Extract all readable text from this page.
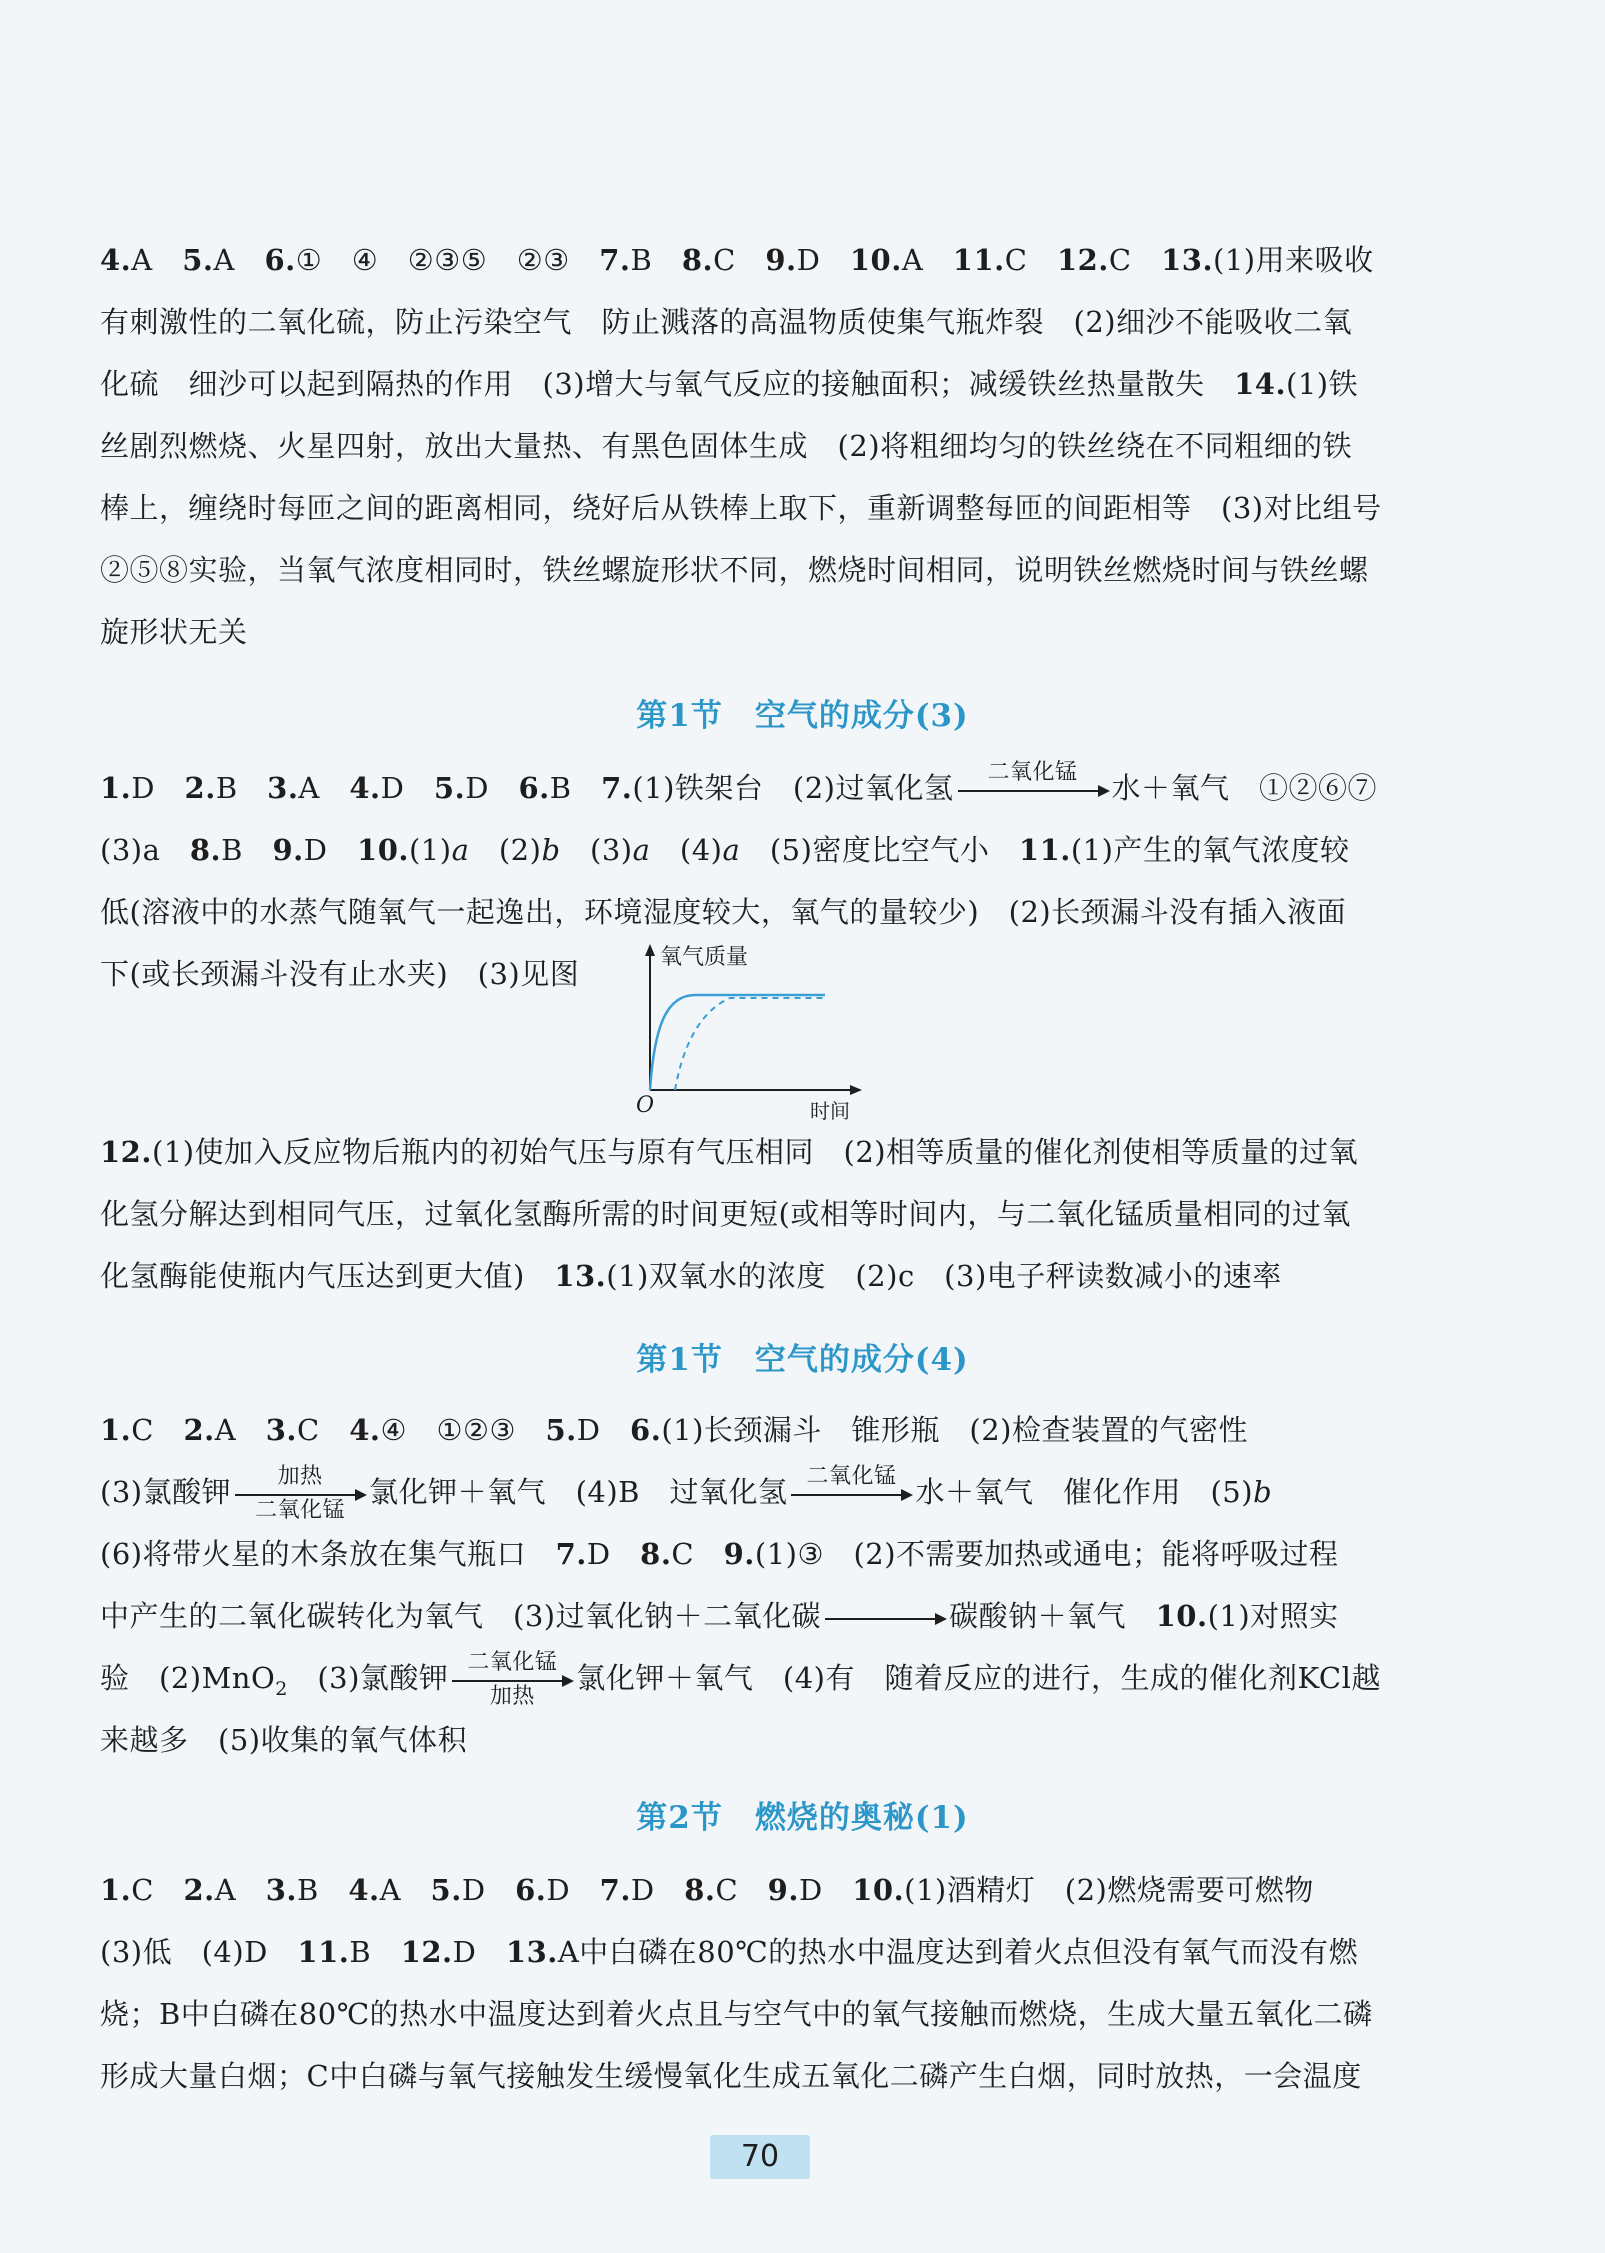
4.A　5.A　6.①　④　②③⑤　②③　7.B　8.C　9.D　10.A　11.C　12.C　13.(1)用来吸收
有刺激性的二氧化硫，防止污染空气　防止溅落的高温物质使集气瓶炸裂　(2)细沙不能吸收二氧
化硫　细沙可以起到隔热的作用　(3)增大与氧气反应的接触面积；减缓铁丝热量散失　14.(1)铁
丝剧烈燃烧、火星四射，放出大量热、有黑色固体生成　(2)将粗细均匀的铁丝绕在不同粗细的铁
棒上，缠绕时每匝之间的距离相同，绕好后从铁棒上取下，重新调整每匝的间距相等　(3)对比组号
②⑤⑧实验，当氧气浓度相同时，铁丝螺旋形状不同，燃烧时间相同，说明铁丝燃烧时间与铁丝螺
旋形状无关
第1节　空气的成分(3)
1.D　2.B　3.A　4.D　5.D　6.B　7.(1)铁架台　(2)过氧化氢	二氧化锰	水＋氧气　①②⑥⑦
(3)a　8.B　9.D　10.(1)a　(2)b　(3)a　(4)a　(5)密度比空气小　11.(1)产生的氧气浓度较
低(溶液中的水蒸气随氧气一起逸出，环境湿度较大，氧气的量较少)　(2)长颈漏斗没有插入液面
下(或长颈漏斗没有止水夹)　(3)见图	氧气质量
时间
O
12.(1)使加入反应物后瓶内的初始气压与原有气压相同　(2)相等质量的催化剂使相等质量的过氧
化氢分解达到相同气压，过氧化氢酶所需的时间更短(或相等时间内，与二氧化锰质量相同的过氧
化氢酶能使瓶内气压达到更大值)　13.(1)双氧水的浓度　(2)c　(3)电子秤读数减小的速率
第1节　空气的成分(4)
1.C　2.A　3.C　4.④　①②③　5.D　6.(1)长颈漏斗　锥形瓶　(2)检查装置的气密性
(3)氯酸钾	加热
二氧化锰
氯化钾＋氧气　(4)B　过氧化氢 二氧化锰 水＋氧气　催化作用　(5)b
(6)将带火星的木条放在集气瓶口　7.D　8.C　9.(1)③　(2)不需要加热或通电；能将呼吸过程
中产生的二氧化碳转化为氧气　(3)过氧化钠＋二氧化碳	碳酸钠＋氧气　10.(1)对照实
验　(2)MnO$_2$　(3)氯酸钾 二氧化锰
加热
氯化钾＋氧气　(4)有　随着反应的进行，生成的催化剂KCl越
来越多　(5)收集的氧气体积
第2节　燃烧的奥秘(1)
1.C　2.A　3.B　4.A　5.D　6.D　7.D　8.C　9.D　10.(1)酒精灯　(2)燃烧需要可燃物
(3)低　(4)D　11.B　12.D　13.A中白磷在80℃的热水中温度达到着火点但没有氧气而没有燃
烧；B中白磷在80℃的热水中温度达到着火点且与空气中的氧气接触而燃烧，生成大量五氧化二磷
形成大量白烟；C中白磷与氧气接触发生缓慢氧化生成五氧化二磷产生白烟，同时放热，一会温度
70
